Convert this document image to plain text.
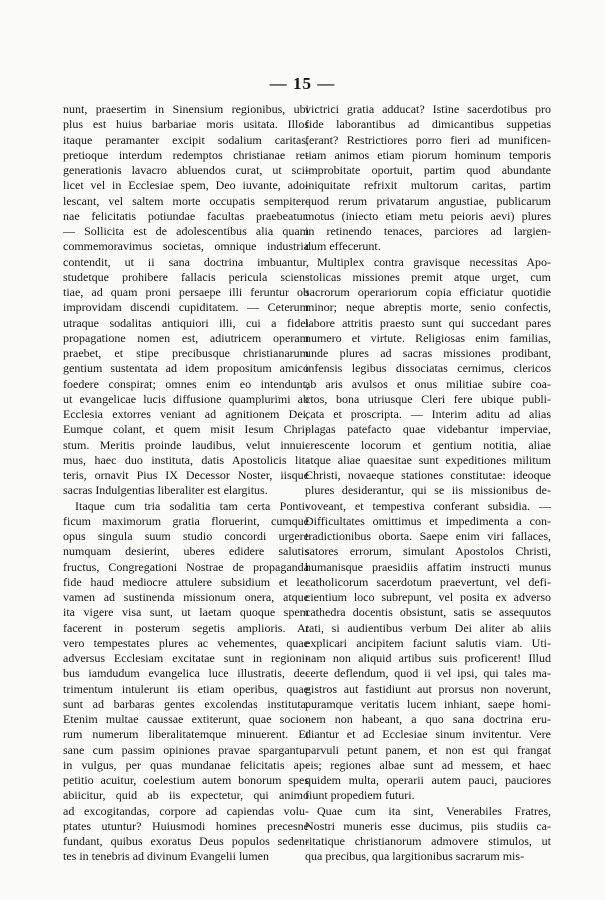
— 15 —
nunt, praesertim in Sinensium regionibus, ubi
plus est huius barbariae moris usitata. Illos
itaque peramanter excipit sodalium caritas,
pretioque interdum redemptos christianae re-
generationis lavacro abluendos curat, ut sci-
licet vel in Ecclesiae spem, Deo iuvante, ado-
lescant, vel saltem morte occupatis sempiter-
nae felicitatis potiundae facultas praebeatur.
— Sollicita est de adolescentibus alia quam
commemoravimus societas, omnique industria
contendit, ut ii sana doctrina imbuantur,
studetque prohibere fallacis pericula scien-
tiae, ad quam proni persaepe illi feruntur ob
improvidam discendi cupiditatem. — Ceterum
utraque sodalitas antiquiori illi, cui a fidei
propagatione nomen est, adiutricem operam
praebet, et stipe precibusque christianarum
gentium sustentata ad idem propositum amico
foedere conspirat; omnes enim eo intendunt,
ut evangelicae lucis diffusione quamplurimi ab
Ecclesia extorres veniant ad agnitionem Dei,
Eumque colant, et quem misit Iesum Chri-
stum. Meritis proinde laudibus, velut innui-
mus, haec duo instituta, datis Apostolicis lit-
teris, ornavit Pius IX Decessor Noster, iisque
sacras Indulgentias liberaliter est elargitus.
Itaque cum tria sodalitia tam certa Ponti-
ficum maximorum gratia floruerint, cumque
opus singula suum studio concordi urgere
numquam desierint, uberes edidere salutis
fructus, Congregationi Nostrae de propaganda
fide haud mediocre attulere subsidium et le-
vamen ad sustinenda missionum onera, atque
ita vigere visa sunt, ut laetam quoque spem
facerent in posterum segetis amplioris. At
vero tempestates plures ac vehementes, quae
adversus Ecclesiam excitatae sunt in regioni-
bus iamdudum evangelica luce illustratis, de-
trimentum intulerunt iis etiam operibus, quae
sunt ad barbaras gentes excolendas instituta.
Etenim multae caussae extiterunt, quae socio-
rum numerum liberalitatemque minuerent. Et
sane cum passim opiniones pravae spargantur
in vulgus, per quas mundanae felicitatis ap-
petitio acuitur, coelestium autem bonorum spes
abiicitur, quid ab iis expectetur, qui animo
ad excogitandas, corpore ad capiendas volu-
ptates utuntur? Huiusmodi homines precesne
fundant, quibus exoratus Deus populos seden-
tes in tenebris ad divinum Evangelii lumen
victrici gratia adducat? Istine sacerdotibus pro
fide laborantibus ad dimicantibus suppetias
ferant? Restrictiores porro fieri ad munificen-
tiam animos etiam piorum hominum temporis
improbitate oportuit, partim quod abundante
iniquitate refrixit multorum caritas, partim
quod rerum privatarum angustiae, publicarum
motus (iniecto etiam metu peioris aevi) plures
in retinendo tenaces, parciores ad largien-
dum effecerunt.
Multiplex contra gravisque necessitas Apo-
stolicas missiones premit atque urget, cum
sacrorum operariorum copia efficiatur quotidie
minor; neque abreptis morte, senio confectis,
labore attritis praesto sunt qui succedant pares
numero et virtute. Religiosas enim familias,
unde plures ad sacras missiones prodibant,
infensis legibus dissociatas cernimus, clericos
ab aris avulsos et onus militiae subire coa-
ctos, bona utriusque Cleri fere ubique publi-
cata et proscripta. — Interim aditu ad alias
plagas patefacto quae videbantur imperviae,
crescente locorum et gentium notitia, aliae
atque aliae quaesitae sunt expeditiones militum
Christi, novaeque stationes constitutae: ideoque
plures desiderantur, qui se iis missionibus de-
voveant, et tempestiva conferant subsidia. —
Difficultates omittimus et impedimenta a con-
tradictionibus oborta. Saepe enim viri fallaces,
satores errorum, simulant Apostolos Christi,
humanisque praesidiis affatim instructi munus
catholicorum sacerdotum praevertunt, vel defi-
cientium loco subrepunt, vel posita ex adverso
cathedra docentis obsistunt, satis se assequutos
rati, si audientibus verbum Dei aliter ab aliis
explicari ancipitem faciunt salutis viam. Uti-
nam non aliquid artibus suis proficerent! Illud
certe deflendum, quod ii vel ipsi, qui tales ma-
gistros aut fastidiunt aut prorsus non noverunt,
puramque veritatis lucem inhiant, saepe homi-
nem non habeant, a quo sana doctrina eru-
diantur et ad Ecclesiae sinum invitentur. Vere
parvuli petunt panem, et non est qui frangat
eis; regiones albae sunt ad messem, et haec
quidem multa, operarii autem pauci, pauciores
fiunt propediem futuri.
Quae cum ita sint, Venerabiles Fratres,
Nostri muneris esse ducimus, piis studiis ca-
ritatique christianorum admovere stimulos, ut
qua precibus, qua largitionibus sacrarum mis-
